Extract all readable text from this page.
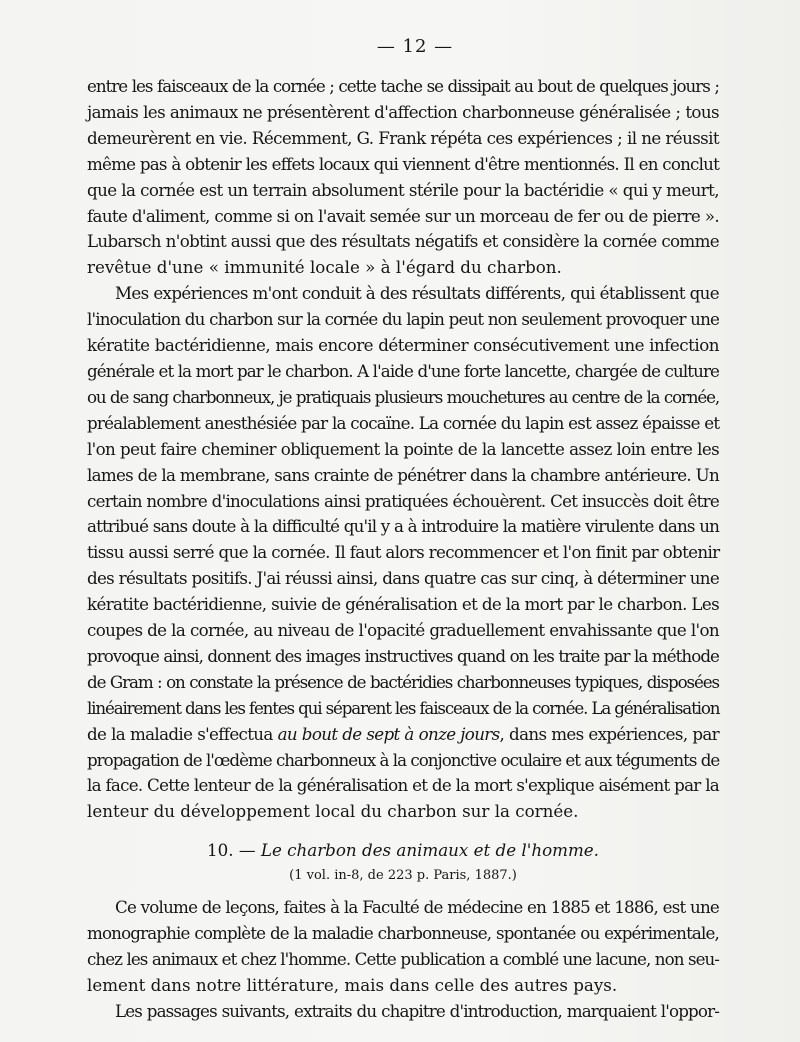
— 12 —
entre les faisceaux de la cornée ; cette tache se dissipait au bout de quelques jours ;
jamais les animaux ne présentèrent d'affection charbonneuse généralisée ; tous
demeurèrent en vie. Récemment, G. Frank répéta ces expériences ; il ne réussit
même pas à obtenir les effets locaux qui viennent d'être mentionnés. Il en conclut
que la cornée est un terrain absolument stérile pour la bactéridie « qui y meurt,
faute d'aliment, comme si on l'avait semée sur un morceau de fer ou de pierre ».
Lubarsch n'obtint aussi que des résultats négatifs et considère la cornée comme
revêtue d'une « immunité locale » à l'égard du charbon.
Mes expériences m'ont conduit à des résultats différents, qui établissent que
l'inoculation du charbon sur la cornée du lapin peut non seulement provoquer une
kératite bactéridienne, mais encore déterminer consécutivement une infection
générale et la mort par le charbon. A l'aide d'une forte lancette, chargée de culture
ou de sang charbonneux, je pratiquais plusieurs mouchetures au centre de la cornée,
préalablement anesthésiée par la cocaïne. La cornée du lapin est assez épaisse et
l'on peut faire cheminer obliquement la pointe de la lancette assez loin entre les
lames de la membrane, sans crainte de pénétrer dans la chambre antérieure. Un
certain nombre d'inoculations ainsi pratiquées échouèrent. Cet insuccès doit être
attribué sans doute à la difficulté qu'il y a à introduire la matière virulente dans un
tissu aussi serré que la cornée. Il faut alors recommencer et l'on finit par obtenir
des résultats positifs. J'ai réussi ainsi, dans quatre cas sur cinq, à déterminer une
kératite bactéridienne, suivie de généralisation et de la mort par le charbon. Les
coupes de la cornée, au niveau de l'opacité graduellement envahissante que l'on
provoque ainsi, donnent des images instructives quand on les traite par la méthode
de Gram : on constate la présence de bactéridies charbonneuses typiques, disposées
linéairement dans les fentes qui séparent les faisceaux de la cornée. La généralisation
de la maladie s'effectua au bout de sept à onze jours, dans mes expériences, par
propagation de l'œdème charbonneux à la conjonctive oculaire et aux téguments de
la face. Cette lenteur de la généralisation et de la mort s'explique aisément par la
lenteur du développement local du charbon sur la cornée.
10. — Le charbon des animaux et de l'homme.
(1 vol. in-8, de 223 p. Paris, 1887.)
Ce volume de leçons, faites à la Faculté de médecine en 1885 et 1886, est une
monographie complète de la maladie charbonneuse, spontanée ou expérimentale,
chez les animaux et chez l'homme. Cette publication a comblé une lacune, non seu-
lement dans notre littérature, mais dans celle des autres pays.
Les passages suivants, extraits du chapitre d'introduction, marquaient l'oppor-
